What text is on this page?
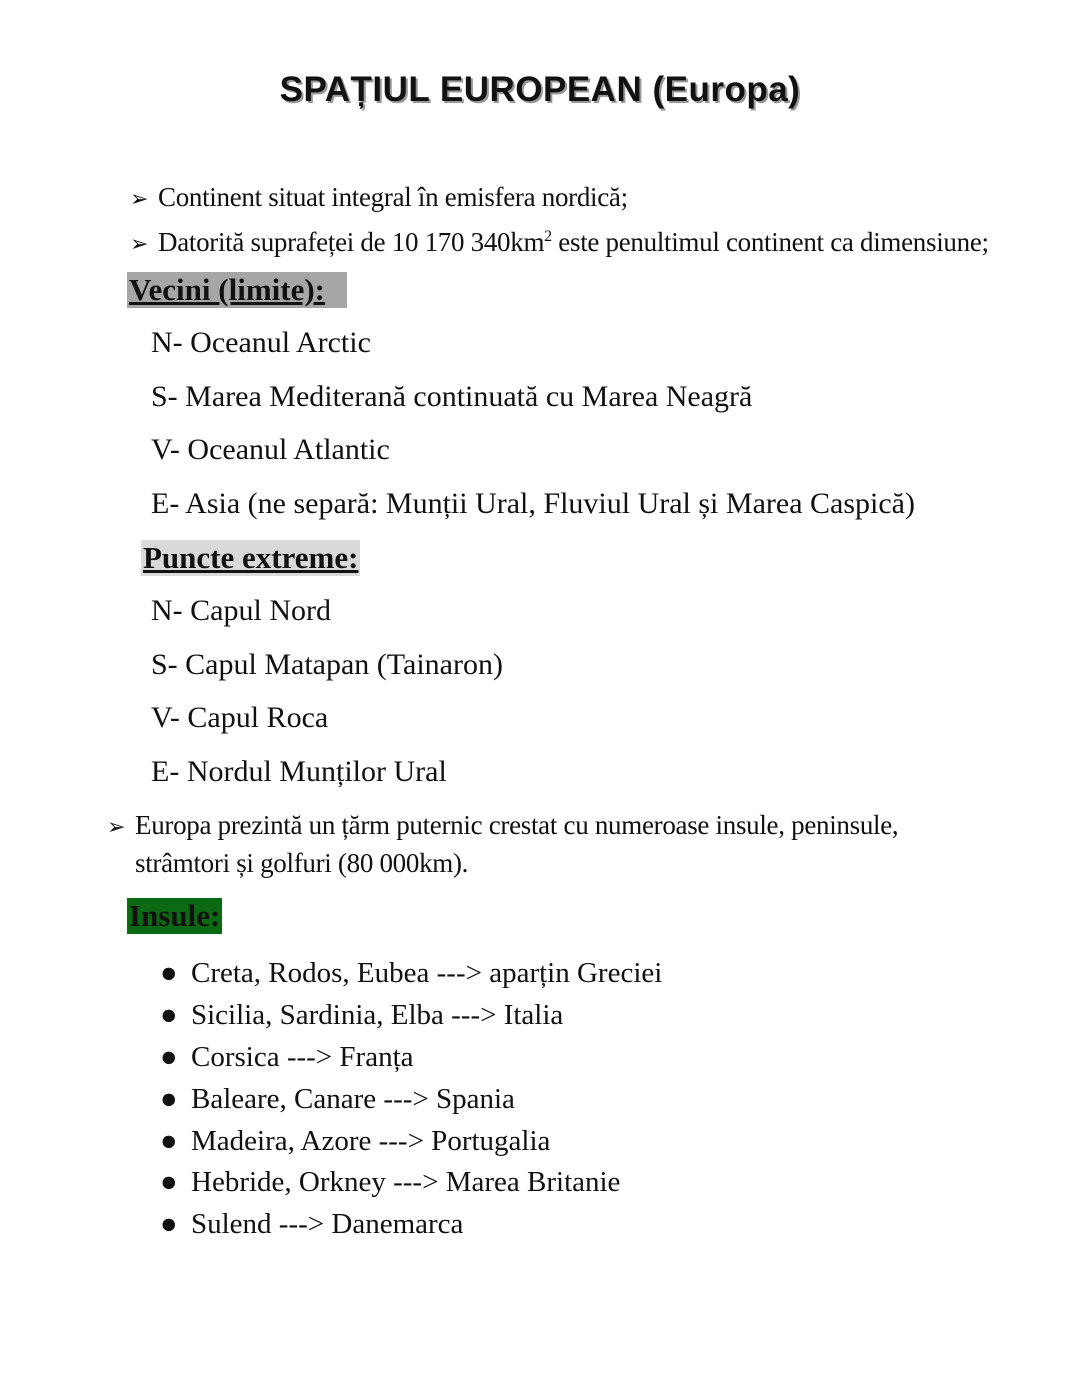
SPAȚIUL EUROPEAN (Europa)
➢ Continent situat integral în emisfera nordică;
➢ Datorită suprafeței de 10 170 $340km^2$ este penultimul continent ca dimensiune;
Vecini (limite):
N- Oceanul Arctic
S- Marea Mediterană continuată cu Marea Neagră
V- Oceanul Atlantic
E- Asia (ne separă: Munții Ural, Fluviul Ural și Marea Caspică)
Puncte extreme:
N- Capul Nord
S- Capul Matapan (Tainaron)
V- Capul Roca
E- Nordul Munților Ural
➢ Europa prezintă un țărm puternic crestat cu numeroase insule, peninsule,
strâmtori și golfuri (80 000km).
Insule:
● Creta, Rodos, Eubea ---> aparțin Greciei
● Sicilia, Sardinia, Elba ---> Italia
● Corsica ---> Franța
● Baleare, Canare ---> Spania
● Madeira, Azore ---> Portugalia
● Hebride, Orkney ---> Marea Britanie
● Sulend ---> Danemarca
